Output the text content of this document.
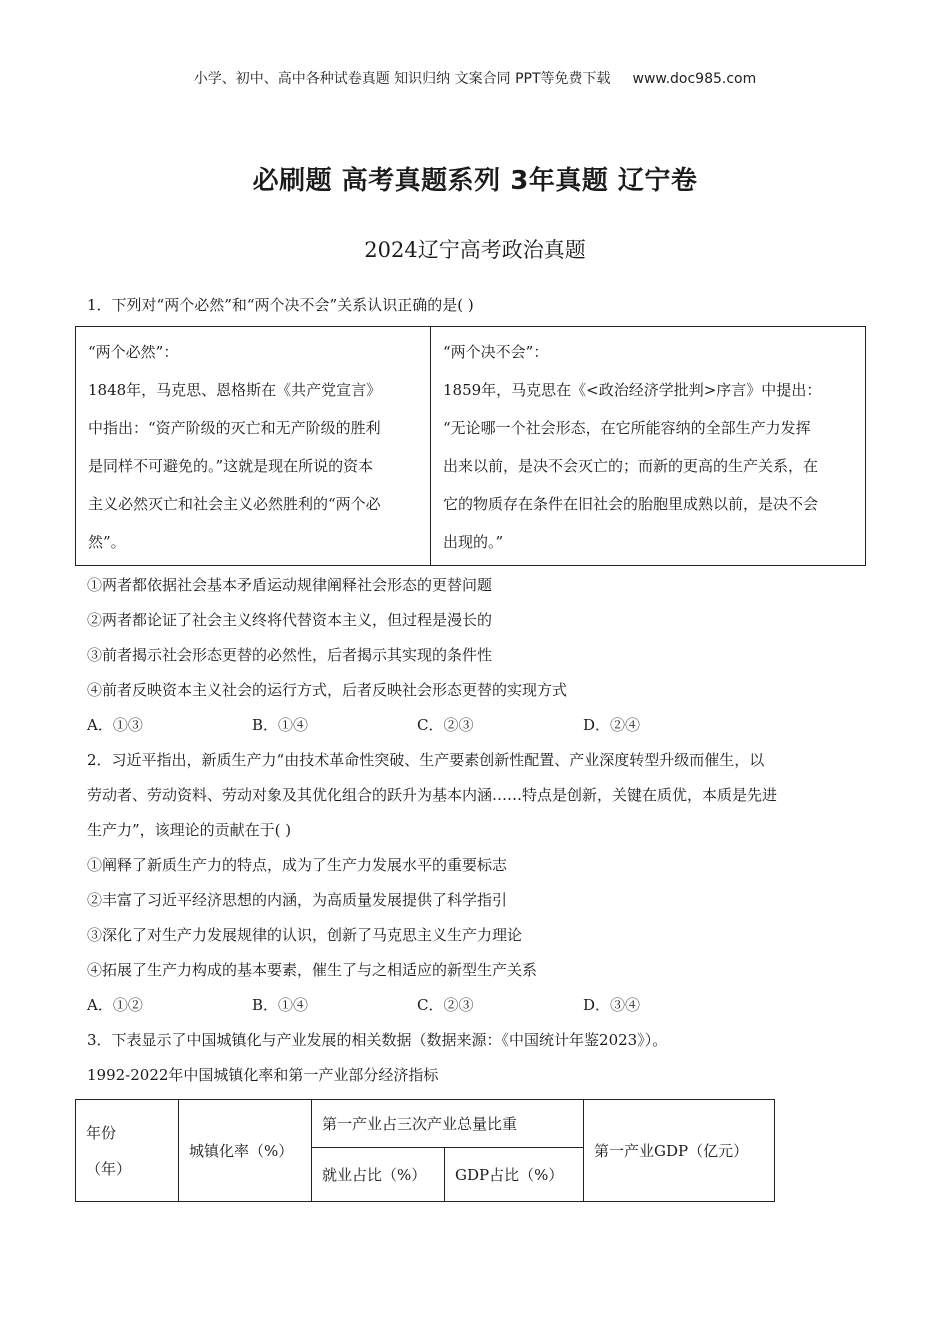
小学、初中、高中各种试卷真题 知识归纳 文案合同 PPT等免费下载 www.doc985.com
必刷题 高考真题系列 3年真题 辽宁卷
2024辽宁高考政治真题
1．下列对“两个必然”和“两个决不会”关系认识正确的是( )
“两个必然”：
1848年，马克思、恩格斯在《共产党宣言》
中指出：“资产阶级的灭亡和无产阶级的胜利
是同样不可避免的。”这就是现在所说的资本
主义必然灭亡和社会主义必然胜利的“两个必
然”。

“两个决不会”：
1859年，马克思在《<政治经济学批判>序言》中提出：
“无论哪一个社会形态，在它所能容纳的全部生产力发挥
出来以前，是决不会灭亡的；而新的更高的生产关系，在
它的物质存在条件在旧社会的胎胞里成熟以前，是决不会
出现的。”
①两者都依据社会基本矛盾运动规律阐释社会形态的更替问题
②两者都论证了社会主义终将代替资本主义，但过程是漫长的
③前者揭示社会形态更替的必然性，后者揭示其实现的条件性
④前者反映资本主义社会的运行方式，后者反映社会形态更替的实现方式
A．①③	B．①④	C．②③	D．②④
2．习近平指出，新质生产力“由技术革命性突破、生产要素创新性配置、产业深度转型升级而催生，以
劳动者、劳动资料、劳动对象及其优化组合的跃升为基本内涵……特点是创新，关键在质优，本质是先进
生产力”，该理论的贡献在于( )
①阐释了新质生产力的特点，成为了生产力发展水平的重要标志
②丰富了习近平经济思想的内涵，为高质量发展提供了科学指引
③深化了对生产力发展规律的认识，创新了马克思主义生产力理论
④拓展了生产力构成的基本要素，催生了与之相适应的新型生产关系
A．①②	B．①④	C．②③	D．③④
3．下表显示了中国城镇化与产业发展的相关数据（数据来源：《中国统计年鉴2023》）。
1992-2022年中国城镇化率和第一产业部分经济指标
年份
（年）	城镇化率（%）	第一产业占三次产业总量比重		第一产业GDP（亿元）
		就业占比（%）	GDP占比（%）	
